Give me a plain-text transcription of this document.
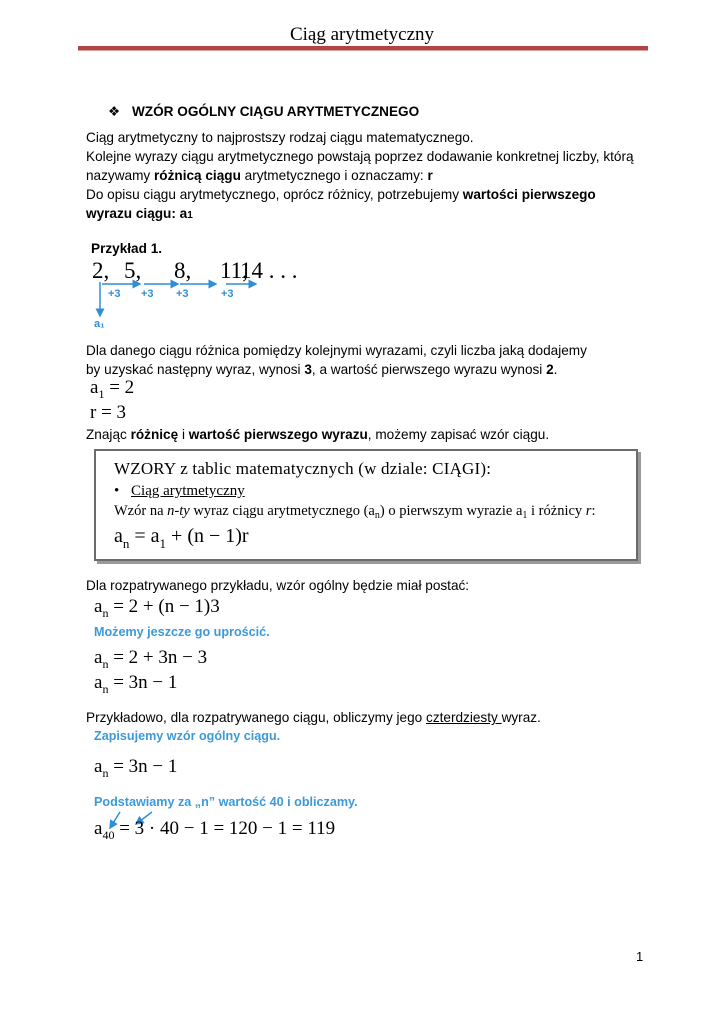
Ciąg arytmetyczny
❖ WZÓR OGÓLNY CIĄGU ARYTMETYCZNEGO
Ciąg arytmetyczny to najprostszy rodzaj ciągu matematycznego.
Kolejne wyrazy ciągu arytmetycznego powstają poprzez dodawanie konkretnej liczby, którą
nazywamy różnicą ciągu arytmetycznego i oznaczamy: r
Do opisu ciągu arytmetycznego, oprócz różnicy, potrzebujemy wartości pierwszego
wyrazu ciągu: a1
Przykład 1.
2, 5, 8, 11,
14 . . .
+3 +3 +3	+3
a₁
Dla danego ciągu różnica pomiędzy kolejnymi wyrazami, czyli liczba jaką dodajemy
by uzyskać następny wyraz, wynosi 3, a wartość pierwszego wyrazu wynosi 2.
$a_1 = 2$
r = 3
Znając różnicę i wartość pierwszego wyrazu, możemy zapisać wzór ciągu.
WZORY z tablic matematycznych (w dziale: CIĄGI):
• Ciąg arytmetyczny
Wzór na n-ty wyraz ciągu arytmetycznego $(a_n)$ o pierwszym wyrazie $a_1$ i różnicy r:
$a_n = a_1 + (n - 1)r$
Dla rozpatrywanego przykładu, wzór ogólny będzie miał postać:
$a_n = 2 + (n - 1)3$
Możemy jeszcze go uprościć.
$a_n = 2 + 3n - 3$
$a_n = 3n - 1$
Przykładowo, dla rozpatrywanego ciągu, obliczymy jego czterdziesty wyraz.
Zapisujemy wzór ogólny ciągu.
$a_n = 3n - 1$
Podstawiamy za „n” wartość 40 i obliczamy.
$a_{40} = 3 \cdot 40 - 1 = 120 - 1 = 119$
1
